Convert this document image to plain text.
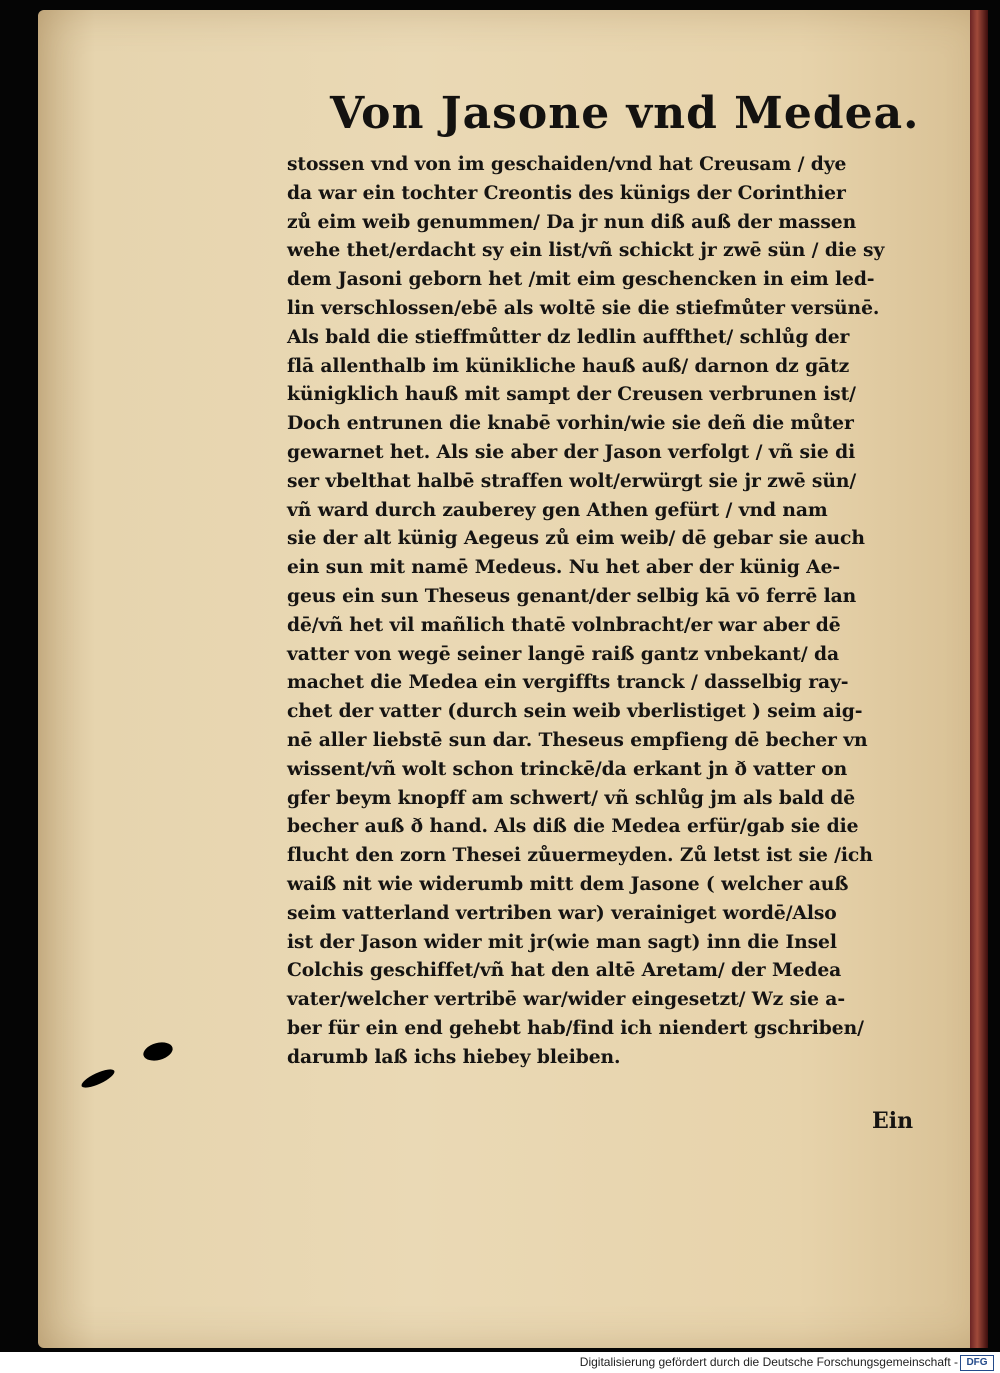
Von Jasone vnd Medea.
stossen vnd von im geschaiden/vnd hat Creusam / dye
da war ein tochter Creontis des künigs der Corinthier
zů eim weib genummen/ Da jr nun diß auß der massen
wehe thet/erdacht sy ein list/vñ schickt jr zwē sün / die sy
dem Jasoni geborn het /mit eim geschencken in eim led-
lin verschlossen/ebē als woltē sie die stiefmůter versünē.
Als bald die stieffmůtter dz ledlin auffthet/ schlůg der
flā allenthalb im künikliche hauß auß/ darnon dz gātz
künigklich hauß mit sampt der Creusen verbrunen ist/
Doch entrunen die knabē vorhin/wie sie deñ die můter
gewarnet het. Als sie aber der Jason verfolgt / vñ sie di
ser vbelthat halbē straffen wolt/erwürgt sie jr zwē sün/
vñ ward durch zauberey gen Athen gefürt / vnd nam
sie der alt künig Aegeus zů eim weib/ dē gebar sie auch
ein sun mit namē Medeus. Nu het aber der künig Ae-
geus ein sun Theseus genant/der selbig kā vō ferrē lan
dē/vñ het vil mañlich thatē volnbracht/er war aber dē
vatter von wegē seiner langē raiß gantz vnbekant/ da
machet die Medea ein vergiffts tranck / dasselbig ray-
chet der vatter (durch sein weib vberlistiget ) seim aig-
nē aller liebstē sun dar. Theseus empfieng dē becher vn
wissent/vñ wolt schon trinckē/da erkant jn ð vatter on
gfer beym knopff am schwert/ vñ schlůg jm als bald dē
becher auß ð hand. Als diß die Medea erfür/gab sie die
flucht den zorn Thesei zůuermeyden. Zů letst ist sie /ich
waiß nit wie widerumb mitt dem Jasone ( welcher auß
seim vatterland vertriben war) verainiget wordē/Also
ist der Jason wider mit jr(wie man sagt) inn die Insel
Colchis geschiffet/vñ hat den altē Aretam/ der Medea
vater/welcher vertribē war/wider eingesetzt/ Wz sie a-
ber für ein end gehebt hab/find ich niendert gschriben/
darumb laß ichs hiebey bleiben.
Ein
Digitalisierung gefördert durch die Deutsche Forschungsgemeinschaft - DFG
